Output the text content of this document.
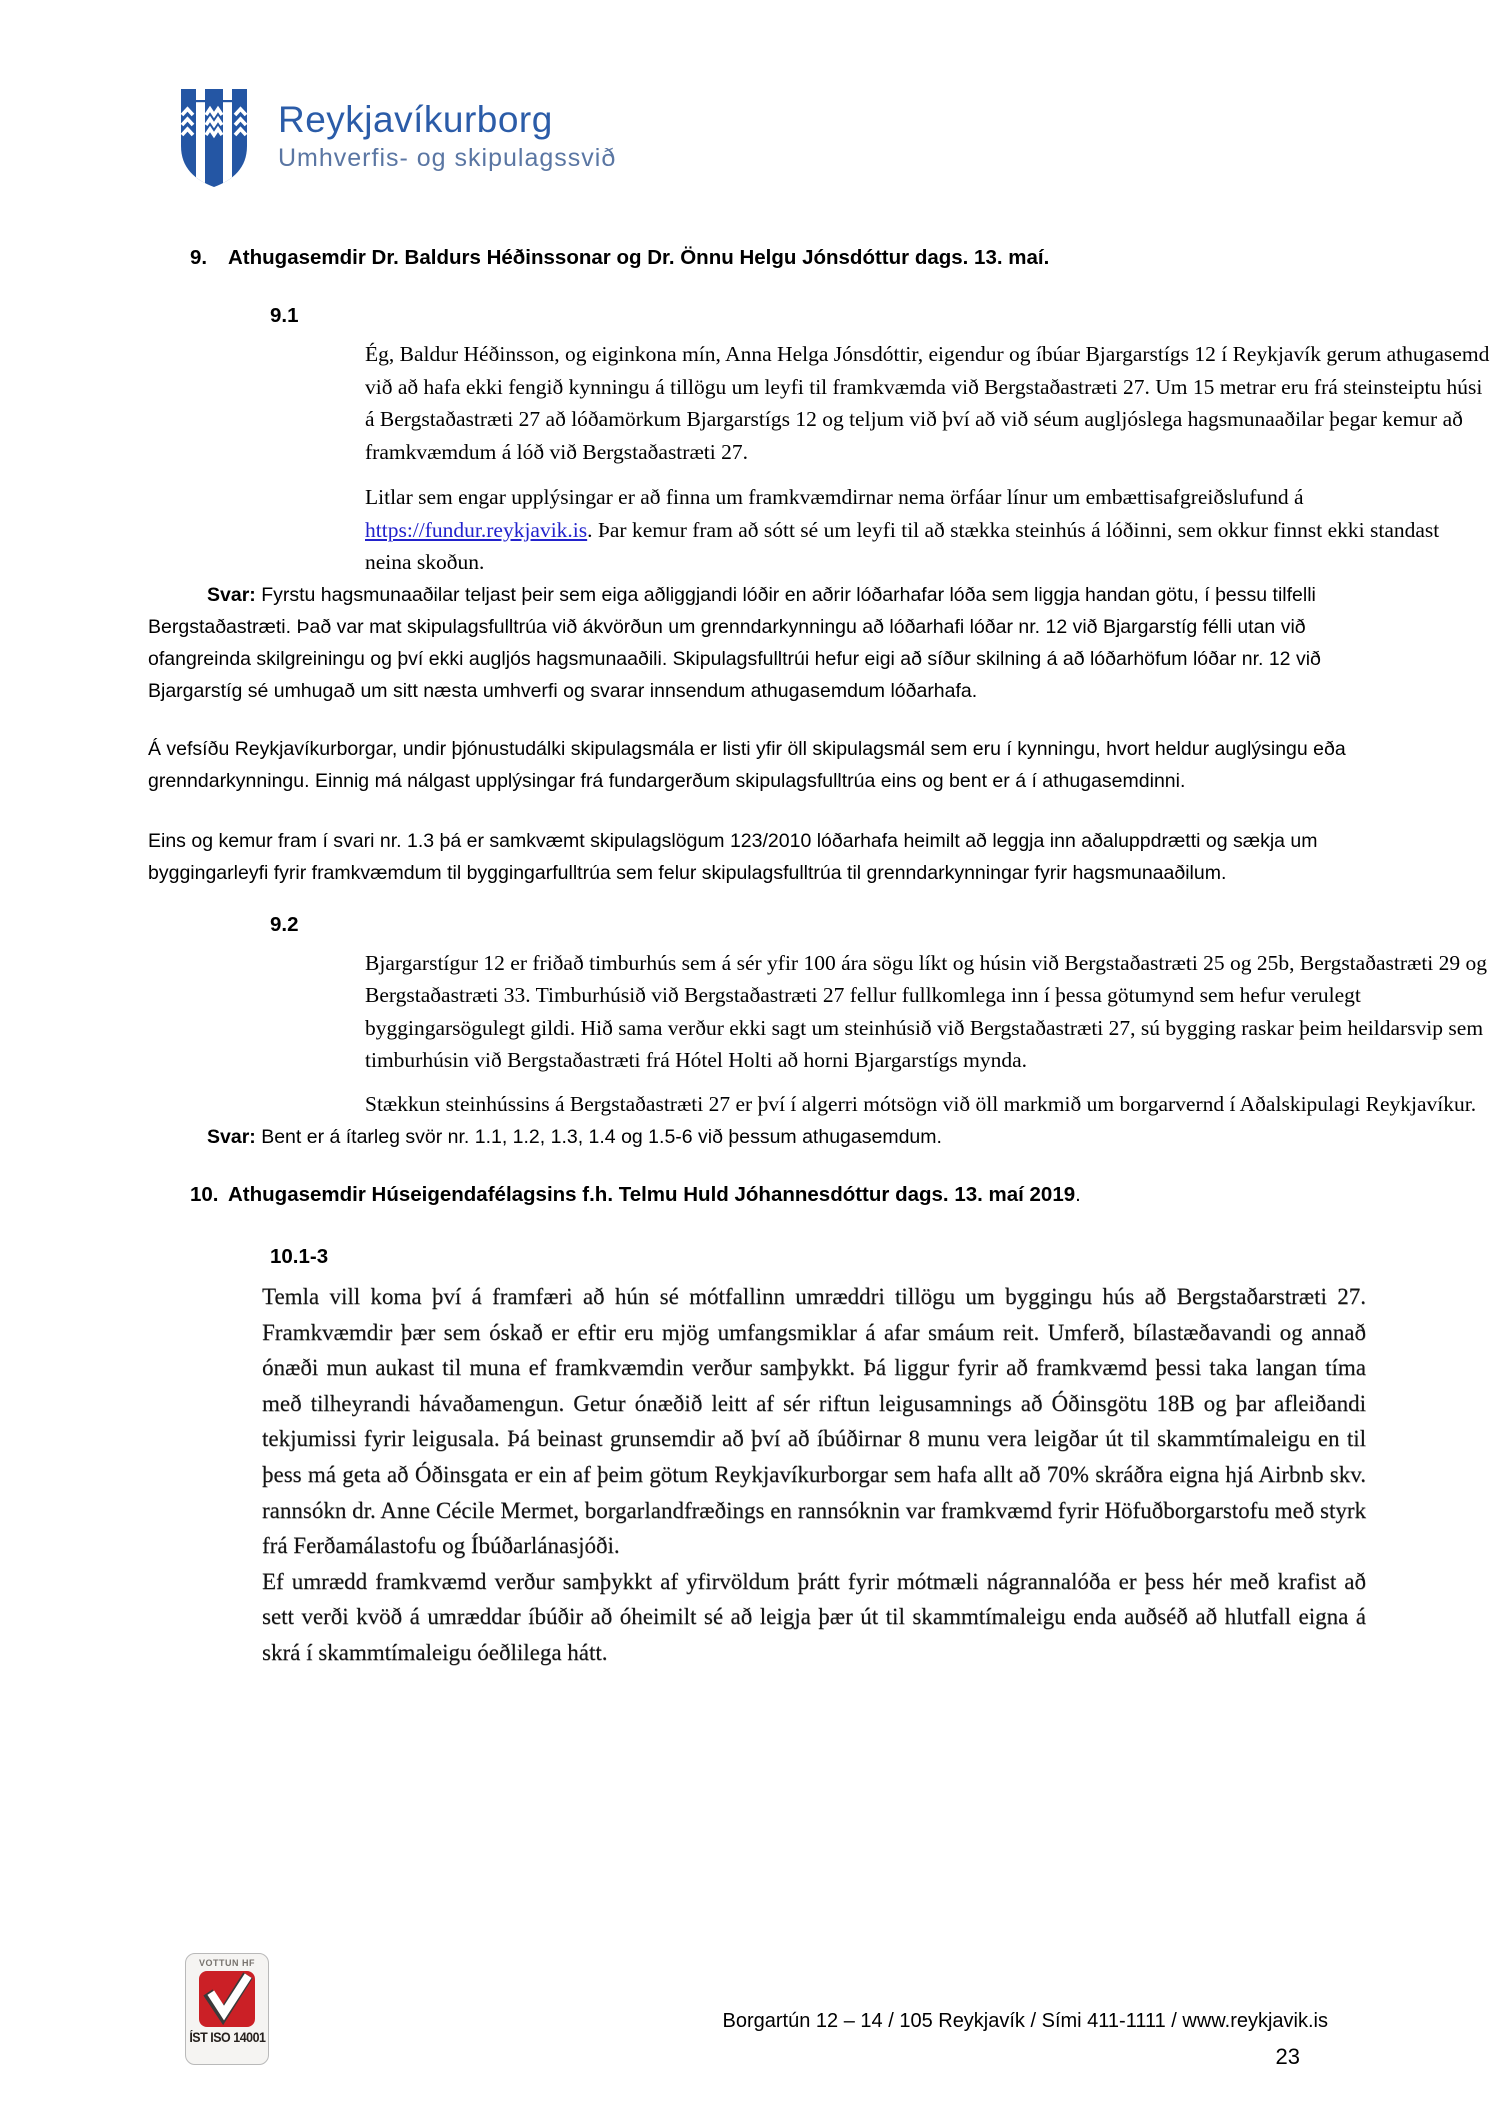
Reykjavíkurborg
Umhverfis- og skipulagssvið
9.	Athugasemdir Dr. Baldurs Héðinssonar og Dr. Önnu Helgu Jónsdóttur dags. 13. maí.
9.1
Ég, Baldur Héðinsson, og eiginkona mín, Anna Helga Jónsdóttir, eigendur og íbúar Bjargarstígs 12 í Reykjavík gerum athugasemd við að hafa ekki fengið kynningu á tillögu um leyfi til framkvæmda við Bergstaðastræti 27. Um 15 metrar eru frá steinsteiptu húsi á Bergstaðastræti 27 að lóðamörkum Bjargarstígs 12 og teljum við því að við séum augljóslega hagsmunaaðilar þegar kemur að framkvæmdum á lóð við Bergstaðastræti 27.
Litlar sem engar upplýsingar er að finna um framkvæmdirnar nema örfáar línur um embættisafgreiðslufund á https://fundur.reykjavik.is. Þar kemur fram að sótt sé um leyfi til að stækka steinhús á lóðinni, sem okkur finnst ekki standast neina skoðun.
Svar: Fyrstu hagsmunaaðilar teljast þeir sem eiga aðliggjandi lóðir en aðrir lóðarhafar lóða sem liggja handan götu, í þessu tilfelli Bergstaðastræti. Það var mat skipulagsfulltrúa við ákvörðun um grenndarkynningu að lóðarhafi lóðar nr. 12 við Bjargarstíg félli utan við ofangreinda skilgreiningu og því ekki augljós hagsmunaaðili. Skipulagsfulltrúi hefur eigi að síður skilning á að lóðarhöfum lóðar nr. 12 við Bjargarstíg sé umhugað um sitt næsta umhverfi og svarar innsendum athugasemdum lóðarhafa.
Á vefsíðu Reykjavíkurborgar, undir þjónustudálki skipulagsmála er listi yfir öll skipulagsmál sem eru í kynningu, hvort heldur auglýsingu eða grenndarkynningu. Einnig má nálgast upplýsingar frá fundargerðum skipulagsfulltrúa eins og bent er á í athugasemdinni.
Eins og kemur fram í svari nr. 1.3 þá er samkvæmt skipulagslögum 123/2010 lóðarhafa heimilt að leggja inn aðaluppdrætti og sækja um byggingarleyfi fyrir framkvæmdum til byggingarfulltrúa sem felur skipulagsfulltrúa til grenndarkynningar fyrir hagsmunaaðilum.
9.2
Bjargarstígur 12 er friðað timburhús sem á sér yfir 100 ára sögu líkt og húsin við Bergstaðastræti 25 og 25b, Bergstaðastræti 29 og Bergstaðastræti 33. Timburhúsið við Bergstaðastræti 27 fellur fullkomlega inn í þessa götumynd sem hefur verulegt byggingarsögulegt gildi. Hið sama verður ekki sagt um steinhúsið við Bergstaðastræti 27, sú bygging raskar þeim heildarsvip sem timburhúsin við Bergstaðastræti frá Hótel Holti að horni Bjargarstígs mynda.
Stækkun steinhússins á Bergstaðastræti 27 er því í algerri mótsögn við öll markmið um borgarvernd í Aðalskipulagi Reykjavíkur.
Svar: Bent er á ítarleg svör nr. 1.1, 1.2, 1.3, 1.4 og 1.5-6 við þessum athugasemdum.
10. Athugasemdir Húseigendafélagsins f.h. Telmu Huld Jóhannesdóttur dags. 13. maí 2019.
10.1-3
Temla vill koma því á framfæri að hún sé mótfallinn umræddri tillögu um byggingu hús að Bergstaðarstræti 27. Framkvæmdir þær sem óskað er eftir eru mjög umfangsmiklar á afar smáum reit. Umferð, bílastæðavandi og annað ónæði mun aukast til muna ef framkvæmdin verður samþykkt. Þá liggur fyrir að framkvæmd þessi taka langan tíma með tilheyrandi hávaðamengun. Getur ónæðið leitt af sér riftun leigusamnings að Óðinsgötu 18B og þar afleiðandi tekjumissi fyrir leigusala. Þá beinast grunsemdir að því að íbúðirnar 8 munu vera leigðar út til skammtímaleigu en til þess má geta að Óðinsgata er ein af þeim götum Reykjavíkurborgar sem hafa allt að 70% skráðra eigna hjá Airbnb skv. rannsókn dr. Anne Cécile Mermet, borgarlandfræðings en rannsóknin var framkvæmd fyrir Höfuðborgarstofu með styrk frá Ferðamálastofu og Íbúðarlánasjóði.
Ef umrædd framkvæmd verður samþykkt af yfirvöldum þrátt fyrir mótmæli nágrannalóða er þess hér með krafist að sett verði kvöð á umræddar íbúðir að óheimilt sé að leigja þær út til skammtímaleigu enda auðséð að hlutfall eigna á skrá í skammtímaleigu óeðlilega hátt.
VOTTUN HF
ÍST ISO 14001
Borgartún 12 – 14 / 105 Reykjavík / Sími 411-1111 / www.reykjavik.is
23
